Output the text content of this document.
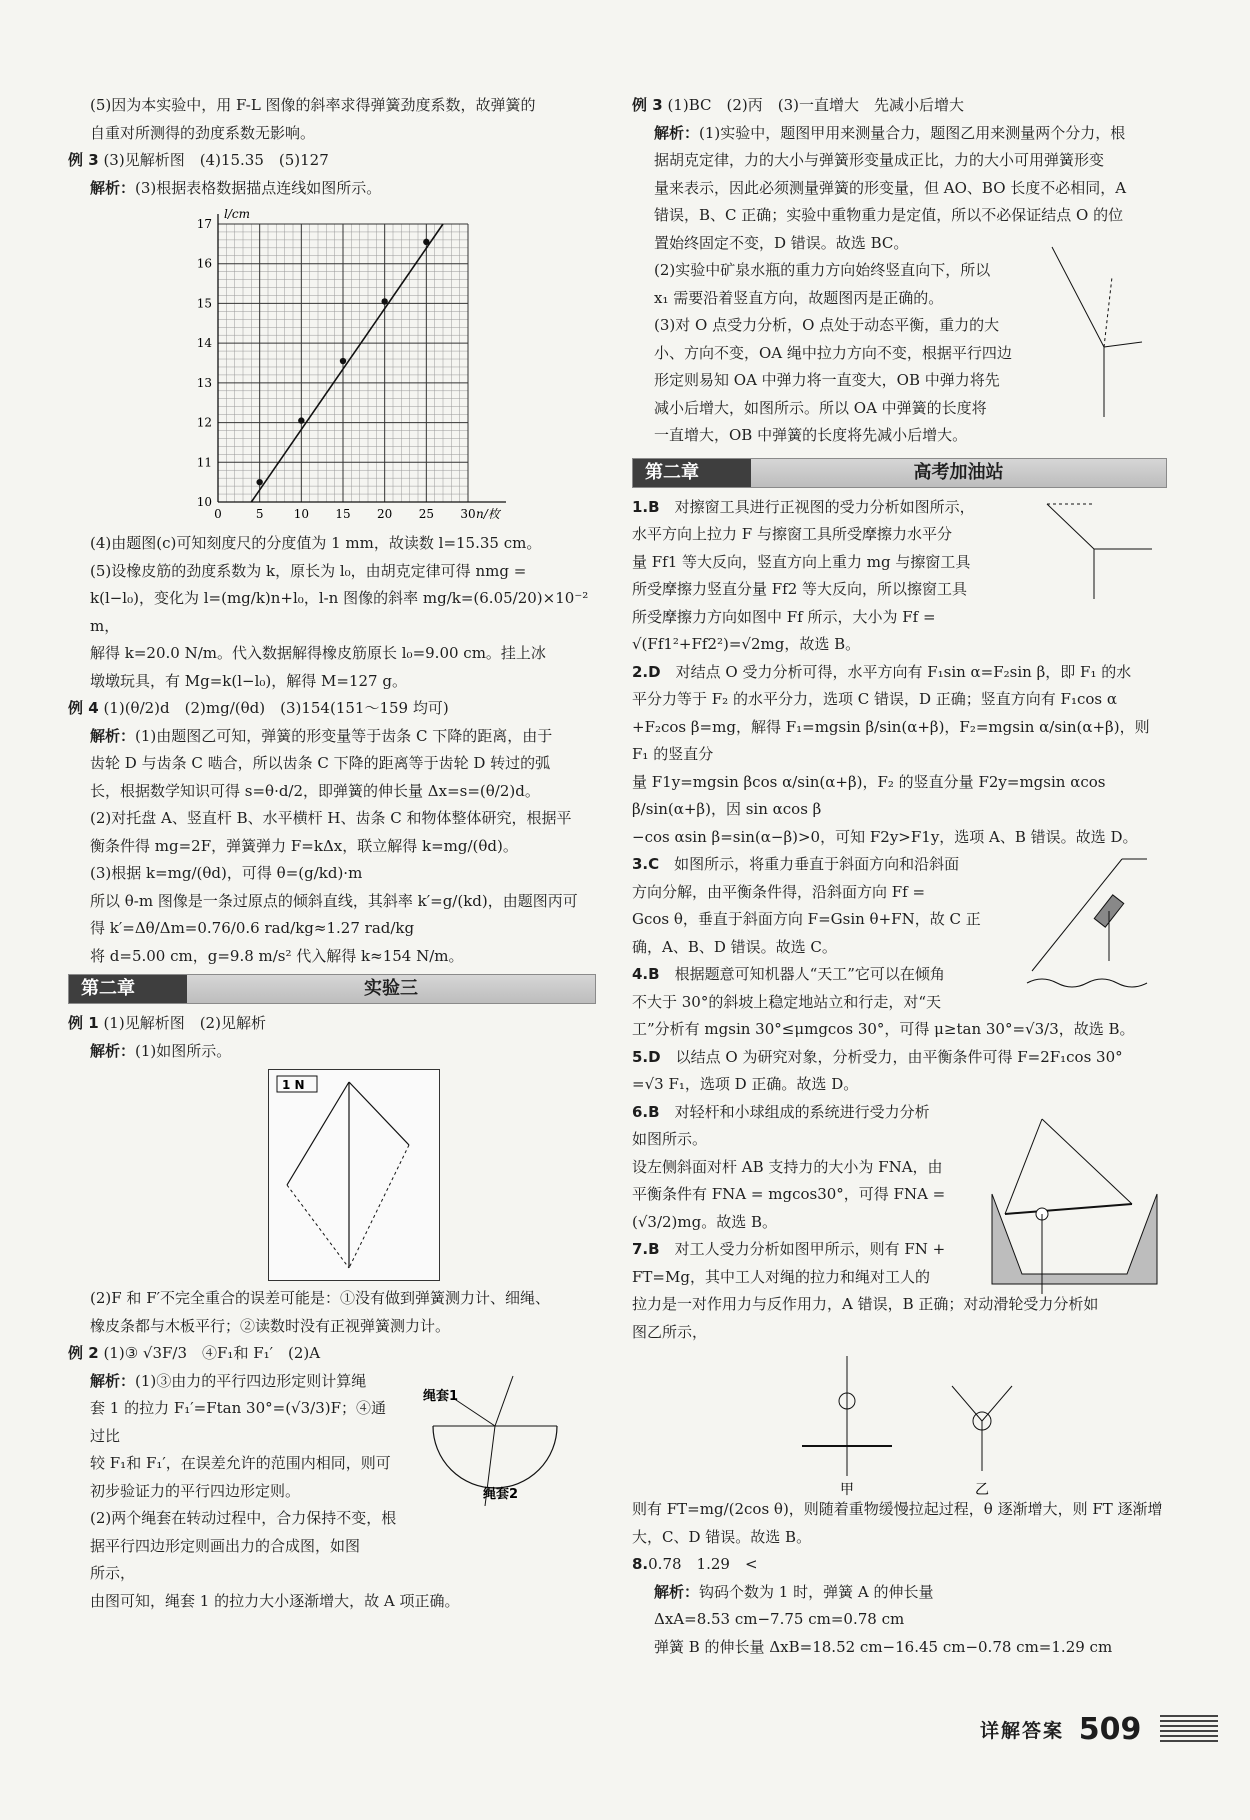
(5)因为本实验中，用 F-L 图像的斜率求得弹簧劲度系数，故弹簧的

自重对所测得的劲度系数无影响。

例 3 (3)见解析图　(4)15.35　(5)127

解析：(3)根据表格数据描点连线如图所示。

0	5	10 15 20 25 30
10
11
12
13
14
15
16
17
l/cm
n/枚

(4)由题图(c)可知刻度尺的分度值为 1 mm，故读数 l=15.35 cm。

(5)设橡皮筋的劲度系数为 k，原长为 l₀，由胡克定律可得 nmg =

k(l−l₀)，变化为 l=(mg/k)n+l₀，l-n 图像的斜率 mg/k=(6.05/20)×10⁻² m，

解得 k=20.0 N/m。代入数据解得橡皮筋原长 l₀=9.00 cm。挂上冰

墩墩玩具，有 Mg=k(l−l₀)，解得 M=127 g。

例 4 (1)(θ/2)d　(2)mg/(θd)　(3)154(151～159 均可)

解析：(1)由题图乙可知，弹簧的形变量等于齿条 C 下降的距离，由于

齿轮 D 与齿条 C 啮合，所以齿条 C 下降的距离等于齿轮 D 转过的弧

长，根据数学知识可得 s=θ·d/2，即弹簧的伸长量 Δx=s=(θ/2)d。

(2)对托盘 A、竖直杆 B、水平横杆 H、齿条 C 和物体整体研究，根据平

衡条件得 mg=2F，弹簧弹力 F=kΔx，联立解得 k=mg/(θd)。

(3)根据 k=mg/(θd)，可得 θ=(g/kd)·m

所以 θ-m 图像是一条过原点的倾斜直线，其斜率 k′=g/(kd)，由题图丙可

得 k′=Δθ/Δm=0.76/0.6 rad/kg≈1.27 rad/kg

将 d=5.00 cm，g=9.8 m/s² 代入解得 k≈154 N/m。

第二章	实验三

例 1 (1)见解析图　(2)见解析

解析：(1)如图所示。

1 N

(2)F 和 F′不完全重合的误差可能是：①没有做到弹簧测力计、细绳、

橡皮条都与木板平行；②读数时没有正视弹簧测力计。

例 2 (1)③ √3F/3　④F₁和 F₁′　(2)A

解析：(1)③由力的平行四边形定则计算绳

套 1 的拉力 F₁′=Ftan 30°=(√3/3)F；④通过比

较 F₁和 F₁′，在误差允许的范围内相同，则可

初步验证力的平行四边形定则。

(2)两个绳套在转动过程中，合力保持不变，根

据平行四边形定则画出力的合成图，如图

所示，

绳套1
绳套2

由图可知，绳套 1 的拉力大小逐渐增大，故 A 项正确。

例 3 (1)BC　(2)丙　(3)一直增大　先减小后增大

解析：(1)实验中，题图甲用来测量合力，题图乙用来测量两个分力，根

据胡克定律，力的大小与弹簧形变量成正比，力的大小可用弹簧形变

量来表示，因此必须测量弹簧的形变量，但 AO、BO 长度不必相同，A

错误，B、C 正确；实验中重物重力是定值，所以不必保证结点 O 的位

置始终固定不变，D 错误。故选 BC。

(2)实验中矿泉水瓶的重力方向始终竖直向下，所以

x₁ 需要沿着竖直方向，故题图丙是正确的。

(3)对 O 点受力分析，O 点处于动态平衡，重力的大

小、方向不变，OA 绳中拉力方向不变，根据平行四边

形定则易知 OA 中弹力将一直变大，OB 中弹力将先

减小后增大，如图所示。所以 OA 中弹簧的长度将

一直增大，OB 中弹簧的长度将先减小后增大。

第二章	高考加油站

1.B　 对擦窗工具进行正视图的受力分析如图所示，

水平方向上拉力 F 与擦窗工具所受摩擦力水平分

量 Ff1 等大反向，竖直方向上重力 mg 与擦窗工具

所受摩擦力竖直分量 Ff2 等大反向，所以擦窗工具

所受摩擦力方向如图中 Ff 所示，大小为 Ff =

√(Ff1²+Ff2²)=√2mg，故选 B。

2.D　 对结点 O 受力分析可得，水平方向有 F₁sin α=F₂sin β，即 F₁ 的水

平分力等于 F₂ 的水平分力，选项 C 错误，D 正确；竖直方向有 F₁cos α

+F₂cos β=mg，解得 F₁=mgsin β/sin(α+β)，F₂=mgsin α/sin(α+β)，则 F₁ 的竖直分

量 F1y=mgsin βcos α/sin(α+β)，F₂ 的竖直分量 F2y=mgsin αcos β/sin(α+β)，因 sin αcos β

−cos αsin β=sin(α−β)>0，可知 F2y>F1y，选项 A、B 错误。故选 D。

3.C　 如图所示，将重力垂直于斜面方向和沿斜面

方向分解，由平衡条件得，沿斜面方向 Ff =

Gcos θ，垂直于斜面方向 F=Gsin θ+FN，故 C 正

确，A、B、D 错误。故选 C。

4.B　 根据题意可知机器人“天工”它可以在倾角

不大于 30°的斜坡上稳定地站立和行走，对“天

工”分析有 mgsin 30°≤μmgcos 30°，可得 μ≥tan 30°=√3/3，故选 B。

5.D　 以结点 O 为研究对象，分析受力，由平衡条件可得 F=2F₁cos 30°

=√3 F₁，选项 D 正确。故选 D。

6.B　 对轻杆和小球组成的系统进行受力分析

如图所示。

设左侧斜面对杆 AB 支持力的大小为 FNA，由

平衡条件有 FNA = mgcos30°，可得 FNA =

(√3/2)mg。故选 B。

7.B　 对工人受力分析如图甲所示，则有 FN +

FT=Mg，其中工人对绳的拉力和绳对工人的

拉力是一对作用力与反作用力，A 错误，B 正确；对动滑轮受力分析如

图乙所示，

甲	乙

则有 FT=mg/(2cos θ)，则随着重物缓慢拉起过程，θ 逐渐增大，则 FT 逐渐增

大，C、D 错误。故选 B。

8.0.78　1.29　<

解析：钩码个数为 1 时，弹簧 A 的伸长量

ΔxA=8.53 cm−7.75 cm=0.78 cm

弹簧 B 的伸长量 ΔxB=18.52 cm−16.45 cm−0.78 cm=1.29 cm

详解答案 509
